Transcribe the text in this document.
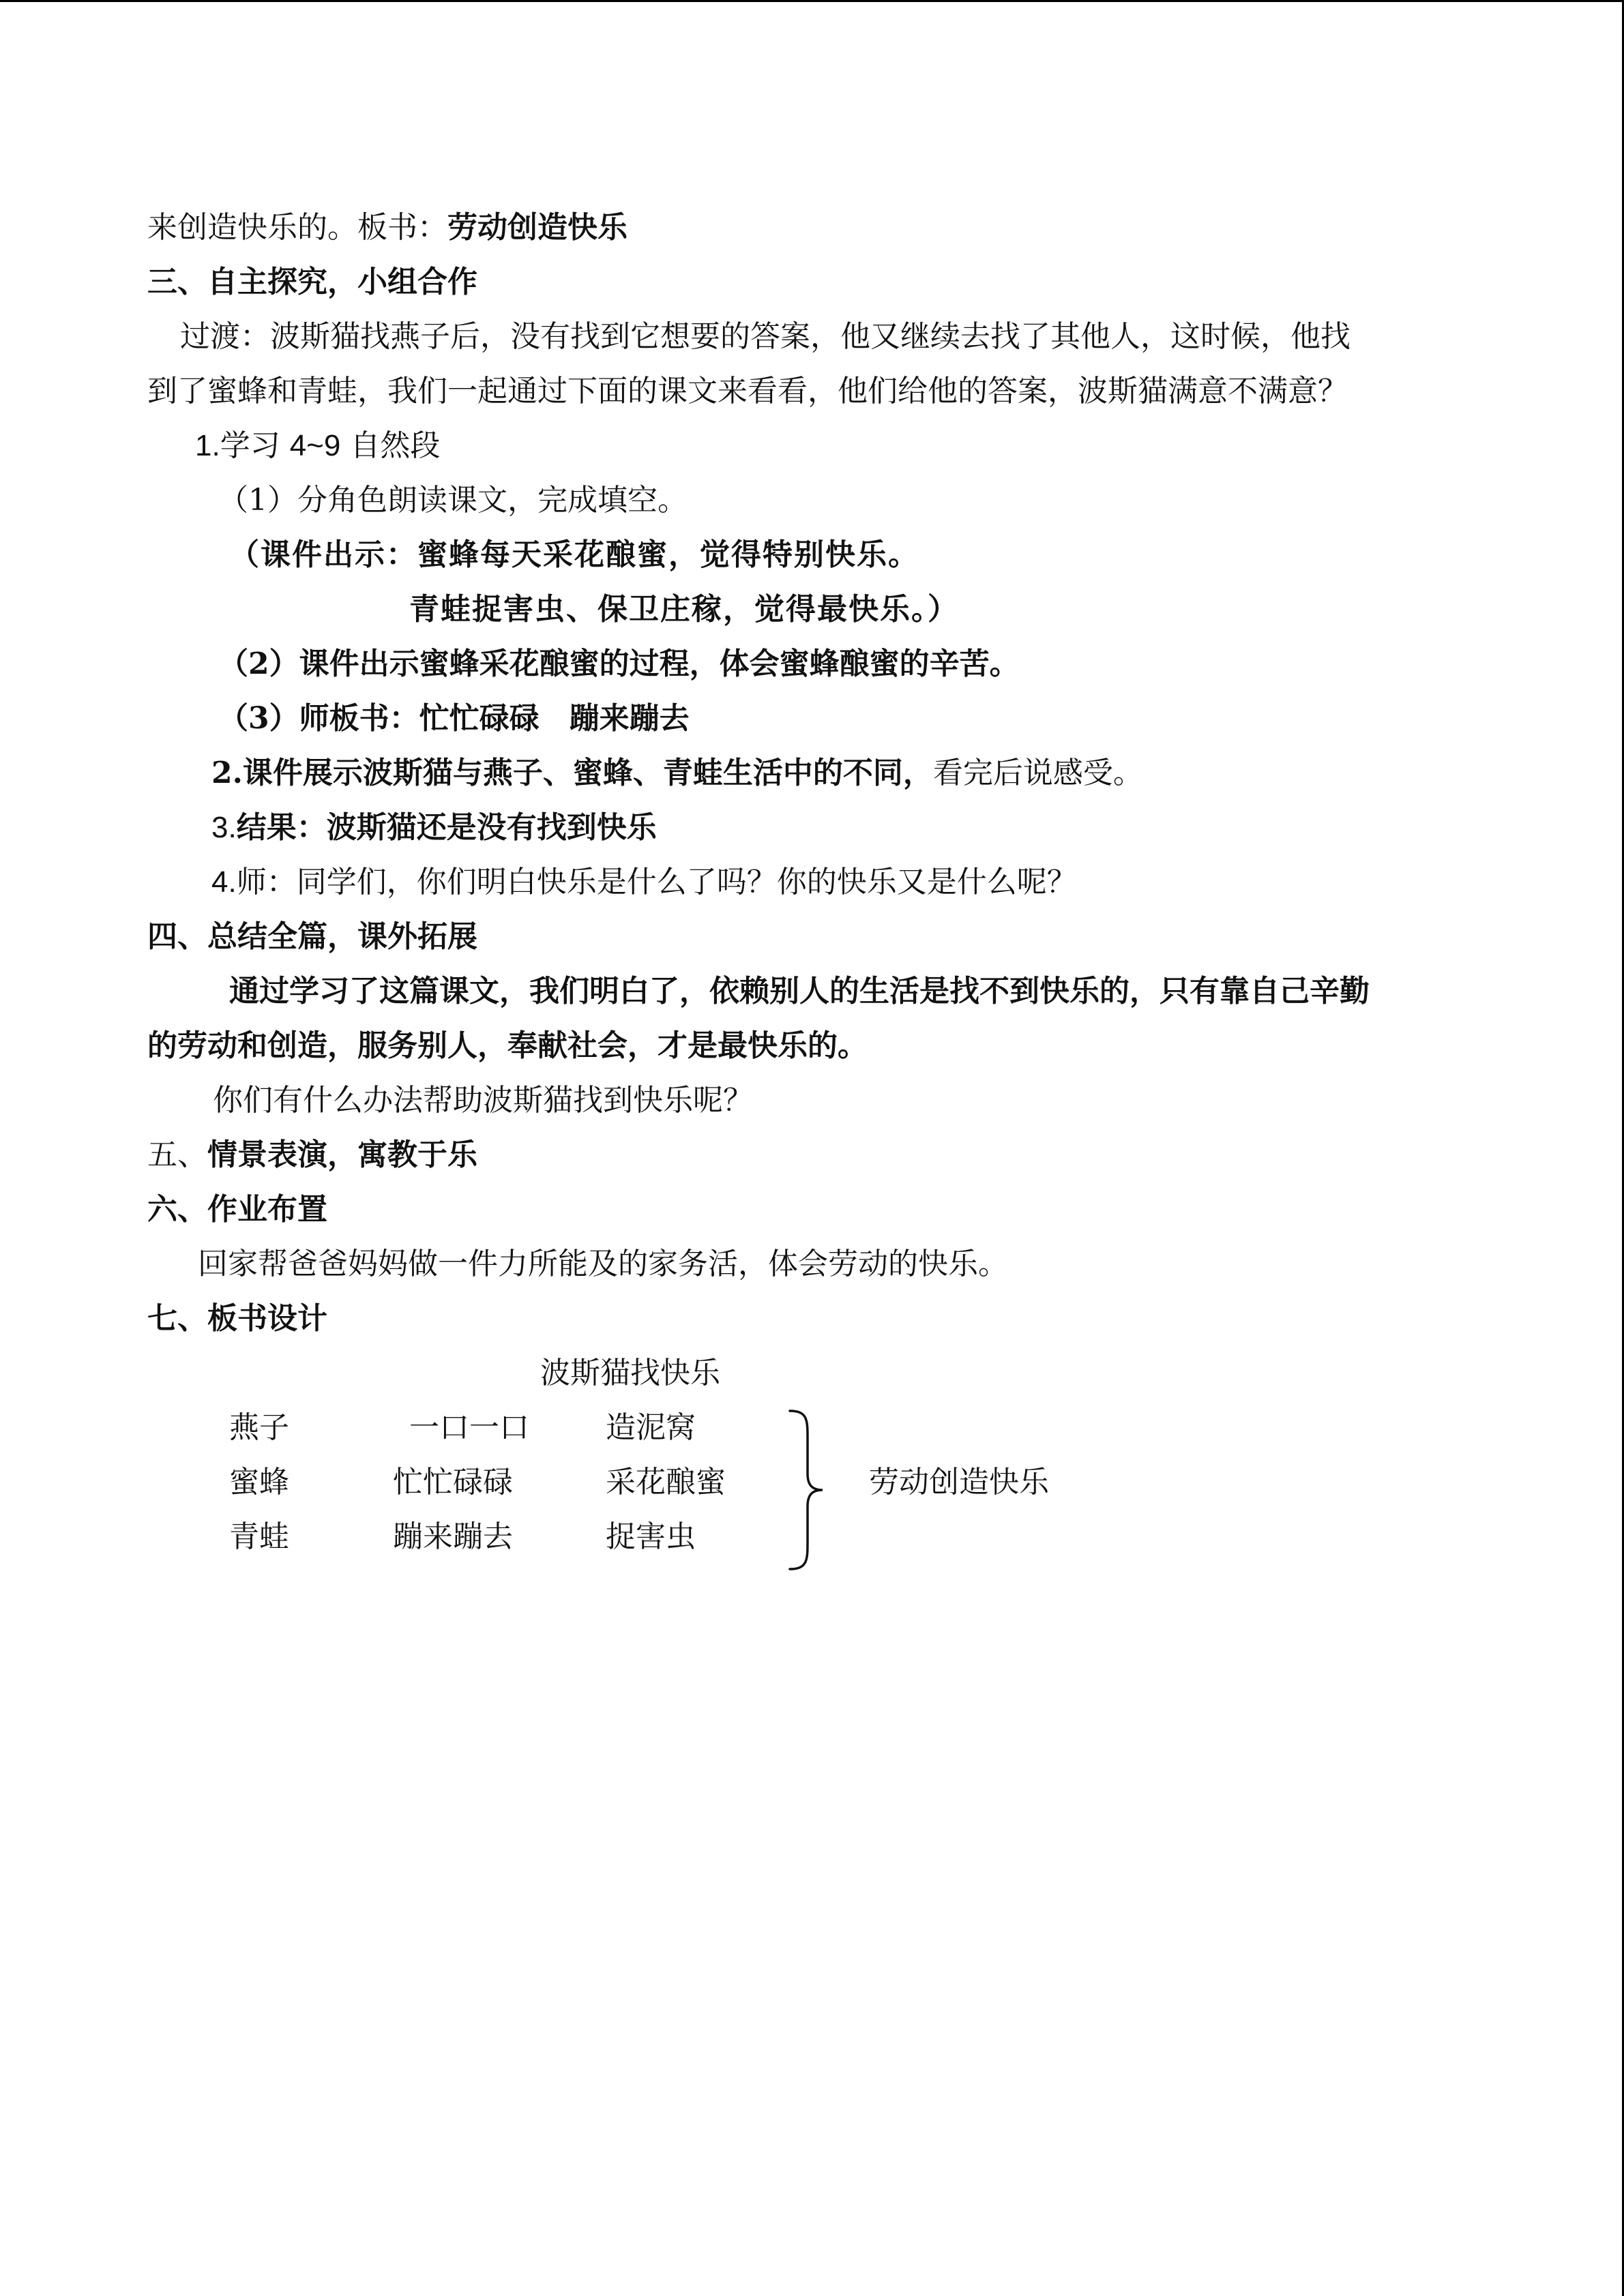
来创造快乐的。板书：劳动创造快乐

三、自主探究，小组合作

过渡：波斯猫找燕子后，没有找到它想要的答案，他又继续去找了其他人，这时候，他找

到了蜜蜂和青蛙，我们一起通过下面的课文来看看，他们给他的答案，波斯猫满意不满意？

1.学习 4~9 自然段

（1）分角色朗读课文，完成填空。

（课件出示：蜜蜂每天采花酿蜜，觉得特别快乐。

青蛙捉害虫、保卫庄稼，觉得最快乐。）

（2）课件出示蜜蜂采花酿蜜的过程，体会蜜蜂酿蜜的辛苦。

（3）师板书：忙忙碌碌　蹦来蹦去

2.课件展示波斯猫与燕子、蜜蜂、青蛙生活中的不同，看完后说感受。

3.结果：波斯猫还是没有找到快乐

4.师：同学们，你们明白快乐是什么了吗？你的快乐又是什么呢？

四、总结全篇，课外拓展

通过学习了这篇课文，我们明白了，依赖别人的生活是找不到快乐的，只有靠自己辛勤

的劳动和创造，服务别人，奉献社会，才是最快乐的。

你们有什么办法帮助波斯猫找到快乐呢？

五、情景表演，寓教于乐

六、作业布置

回家帮爸爸妈妈做一件力所能及的家务活，体会劳动的快乐。

七、板书设计

波斯猫找快乐

燕子	一口一口	造泥窝

蜜蜂	忙忙碌碌	采花酿蜜

青蛙	蹦来蹦去	捉害虫

劳动创造快乐
